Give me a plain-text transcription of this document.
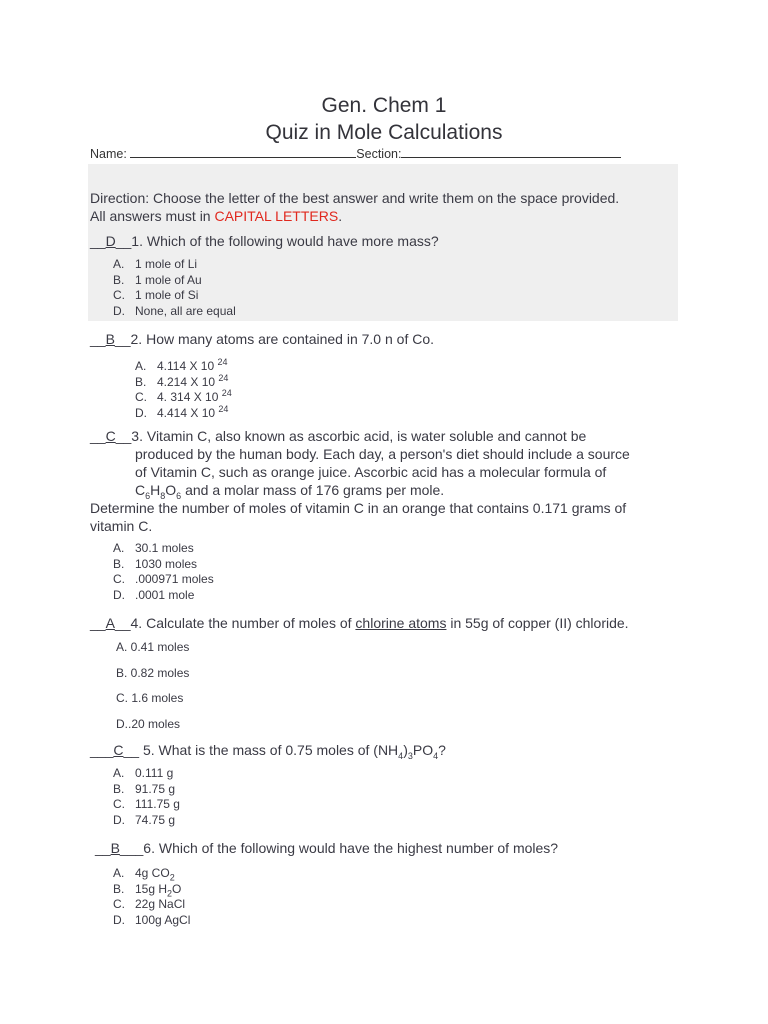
Gen. Chem 1
Quiz in Mole Calculations
Name:	Section:
Direction: Choose the letter of the best answer and write them on the space provided.
All answers must in CAPITAL LETTERS.
__D__1. Which of the following would have more mass?
A. 1 mole of Li
B. 1 mole of Au
C. 1 mole of Si
D. None, all are equal
__B__2. How many atoms are contained in 7.0 n of Co.
A. 4.114 X 10 $^{24}$
B. 4.214 X 10 $^{24}$
C. 4. 314 X 10 $^{24}$
D. 4.414 X 10 $^{24}$
__C__3. Vitamin C, also known as ascorbic acid, is water soluble and cannot be
produced by the human body. Each day, a person's diet should include a source
of Vitamin C, such as orange juice. Ascorbic acid has a molecular formula of
$C_6H_8O_6$ and a molar mass of 176 grams per mole.
Determine the number of moles of vitamin C in an orange that contains 0.171 grams of
vitamin C.
A. 30.1 moles
B. 1030 moles
C. .000971 moles
D. .0001 mole
__A__4. Calculate the number of moles of chlorine atoms in 55g of copper (II) chloride.
A. 0.41 moles
B. 0.82 moles
C. 1.6 moles
D..20 moles
___C__ 5. What is the mass of 0.75 moles of $(NH_4)_3PO_4$?
A. 0.111 g
B. 91.75 g
C. 111.75 g
D. 74.75 g
__B___6. Which of the following would have the highest number of moles?
A. 4g $CO_2$
B. 15g $H_2O$
C. 22g NaCl
D. 100g AgCl
